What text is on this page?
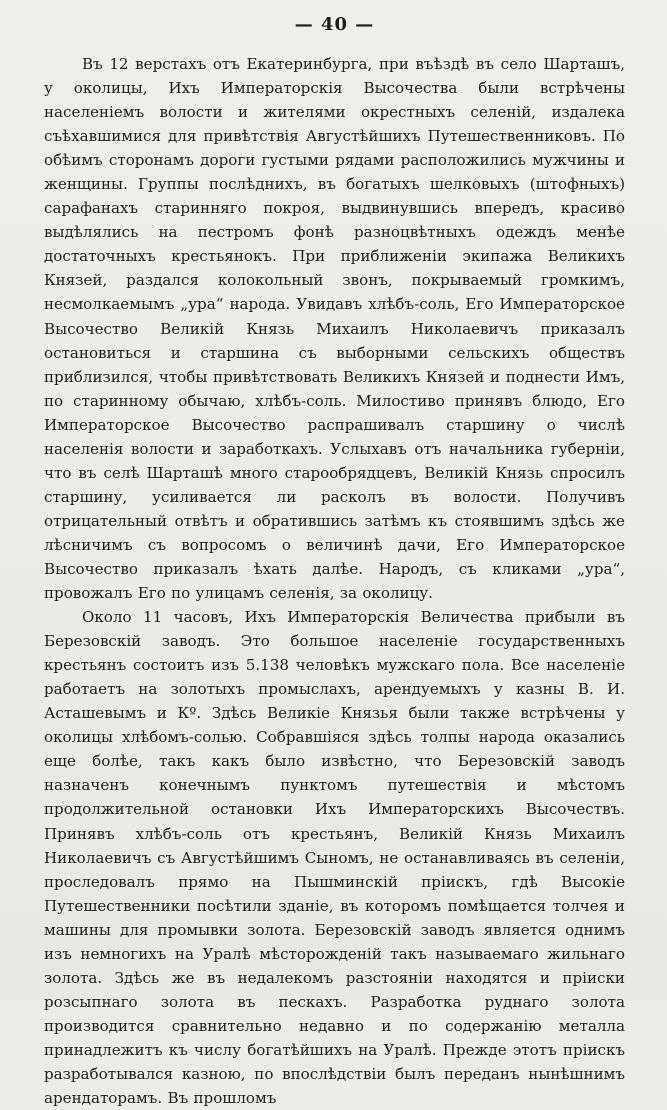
— 40 —

Въ 12 верстахъ отъ Екатеринбурга, при въѣздѣ въ село Шарташъ, у околицы, Ихъ Императорскія Высочества были встрѣчены населеніемъ волости и жителями окрестныхъ селеній, издалека съѣхавшимися для привѣтствія Августѣйшихъ Путешественниковъ. По обѣимъ сторонамъ дороги густыми рядами расположились мужчины и женщины. Группы послѣднихъ, въ богатыхъ шелковыхъ (штофныхъ) сарафанахъ старинняго покроя, выдвинувшись впередъ, красиво выдѣлялись на пестромъ фонѣ разноцвѣтныхъ одеждъ менѣе достаточныхъ крестьянокъ. При приближеніи экипажа Великихъ Князей, раздался колокольный звонъ, покрываемый громкимъ, несмолкаемымъ „ура“ народа. Увидавъ хлѣбъ-соль, Его Императорское Высочество Великій Князь Михаилъ Николаевичъ приказалъ остановиться и старшина съ выборными сельскихъ обществъ приблизился, чтобы привѣтствовать Великихъ Князей и поднести Имъ, по старинному обычаю, хлѣбъ-соль. Милостиво принявъ блюдо, Его Императорское Высочество распрашивалъ старшину о числѣ населенія волости и заработкахъ. Услыхавъ отъ начальника губерніи, что въ селѣ Шарташѣ много старообрядцевъ, Великій Князь спросилъ старшину, усиливается ли расколъ въ волости. Получивъ отрицательный отвѣтъ и обратившись затѣмъ къ стоявшимъ здѣсь же лѣсничимъ съ вопросомъ о величинѣ дачи, Его Императорское Высочество приказалъ ѣхать далѣе. Народъ, съ кликами „ура“, провожалъ Его по улицамъ селенія, за околицу.

Около 11 часовъ, Ихъ Императорскія Величества прибыли въ Березовскій заводъ. Это большое населеніе государственныхъ крестьянъ состоитъ изъ 5.138 человѣкъ мужскаго пола. Все населеніе работаетъ на золотыхъ промыслахъ, арендуемыхъ у казны В. И. Асташевымъ и Кº. Здѣсь Великіе Князья были также встрѣчены у околицы хлѣбомъ-солью. Собравшіяся здѣсь толпы народа оказались еще болѣе, такъ какъ было извѣстно, что Березовскій заводъ назначенъ конечнымъ пунктомъ путешествія и мѣстомъ продолжительной остановки Ихъ Императорскихъ Высочествъ. Принявъ хлѣбъ-соль отъ крестьянъ, Великій Князь Михаилъ Николаевичъ съ Августѣйшимъ Сыномъ, не останавливаясь въ селеніи, проследовалъ прямо на Пышминскій пріискъ, гдѣ Высокіе Путешественники посѣтили зданіе, въ которомъ помѣщается толчея и машины для промывки золота. Березовскій заводъ является однимъ изъ немногихъ на Уралѣ мѣсторожденій такъ называемаго жильнаго золота. Здѣсь же въ недалекомъ разстояніи находятся и пріиски розсыпнаго золота въ пескахъ. Разработка руднаго золота производится сравнительно недавно и по содержанію металла принадлежитъ къ числу богатѣйшихъ на Уралѣ. Прежде этотъ пріискъ разработывался казною, по впослѣдствіи былъ переданъ нынѣшнимъ арендаторамъ. Въ прошломъ
